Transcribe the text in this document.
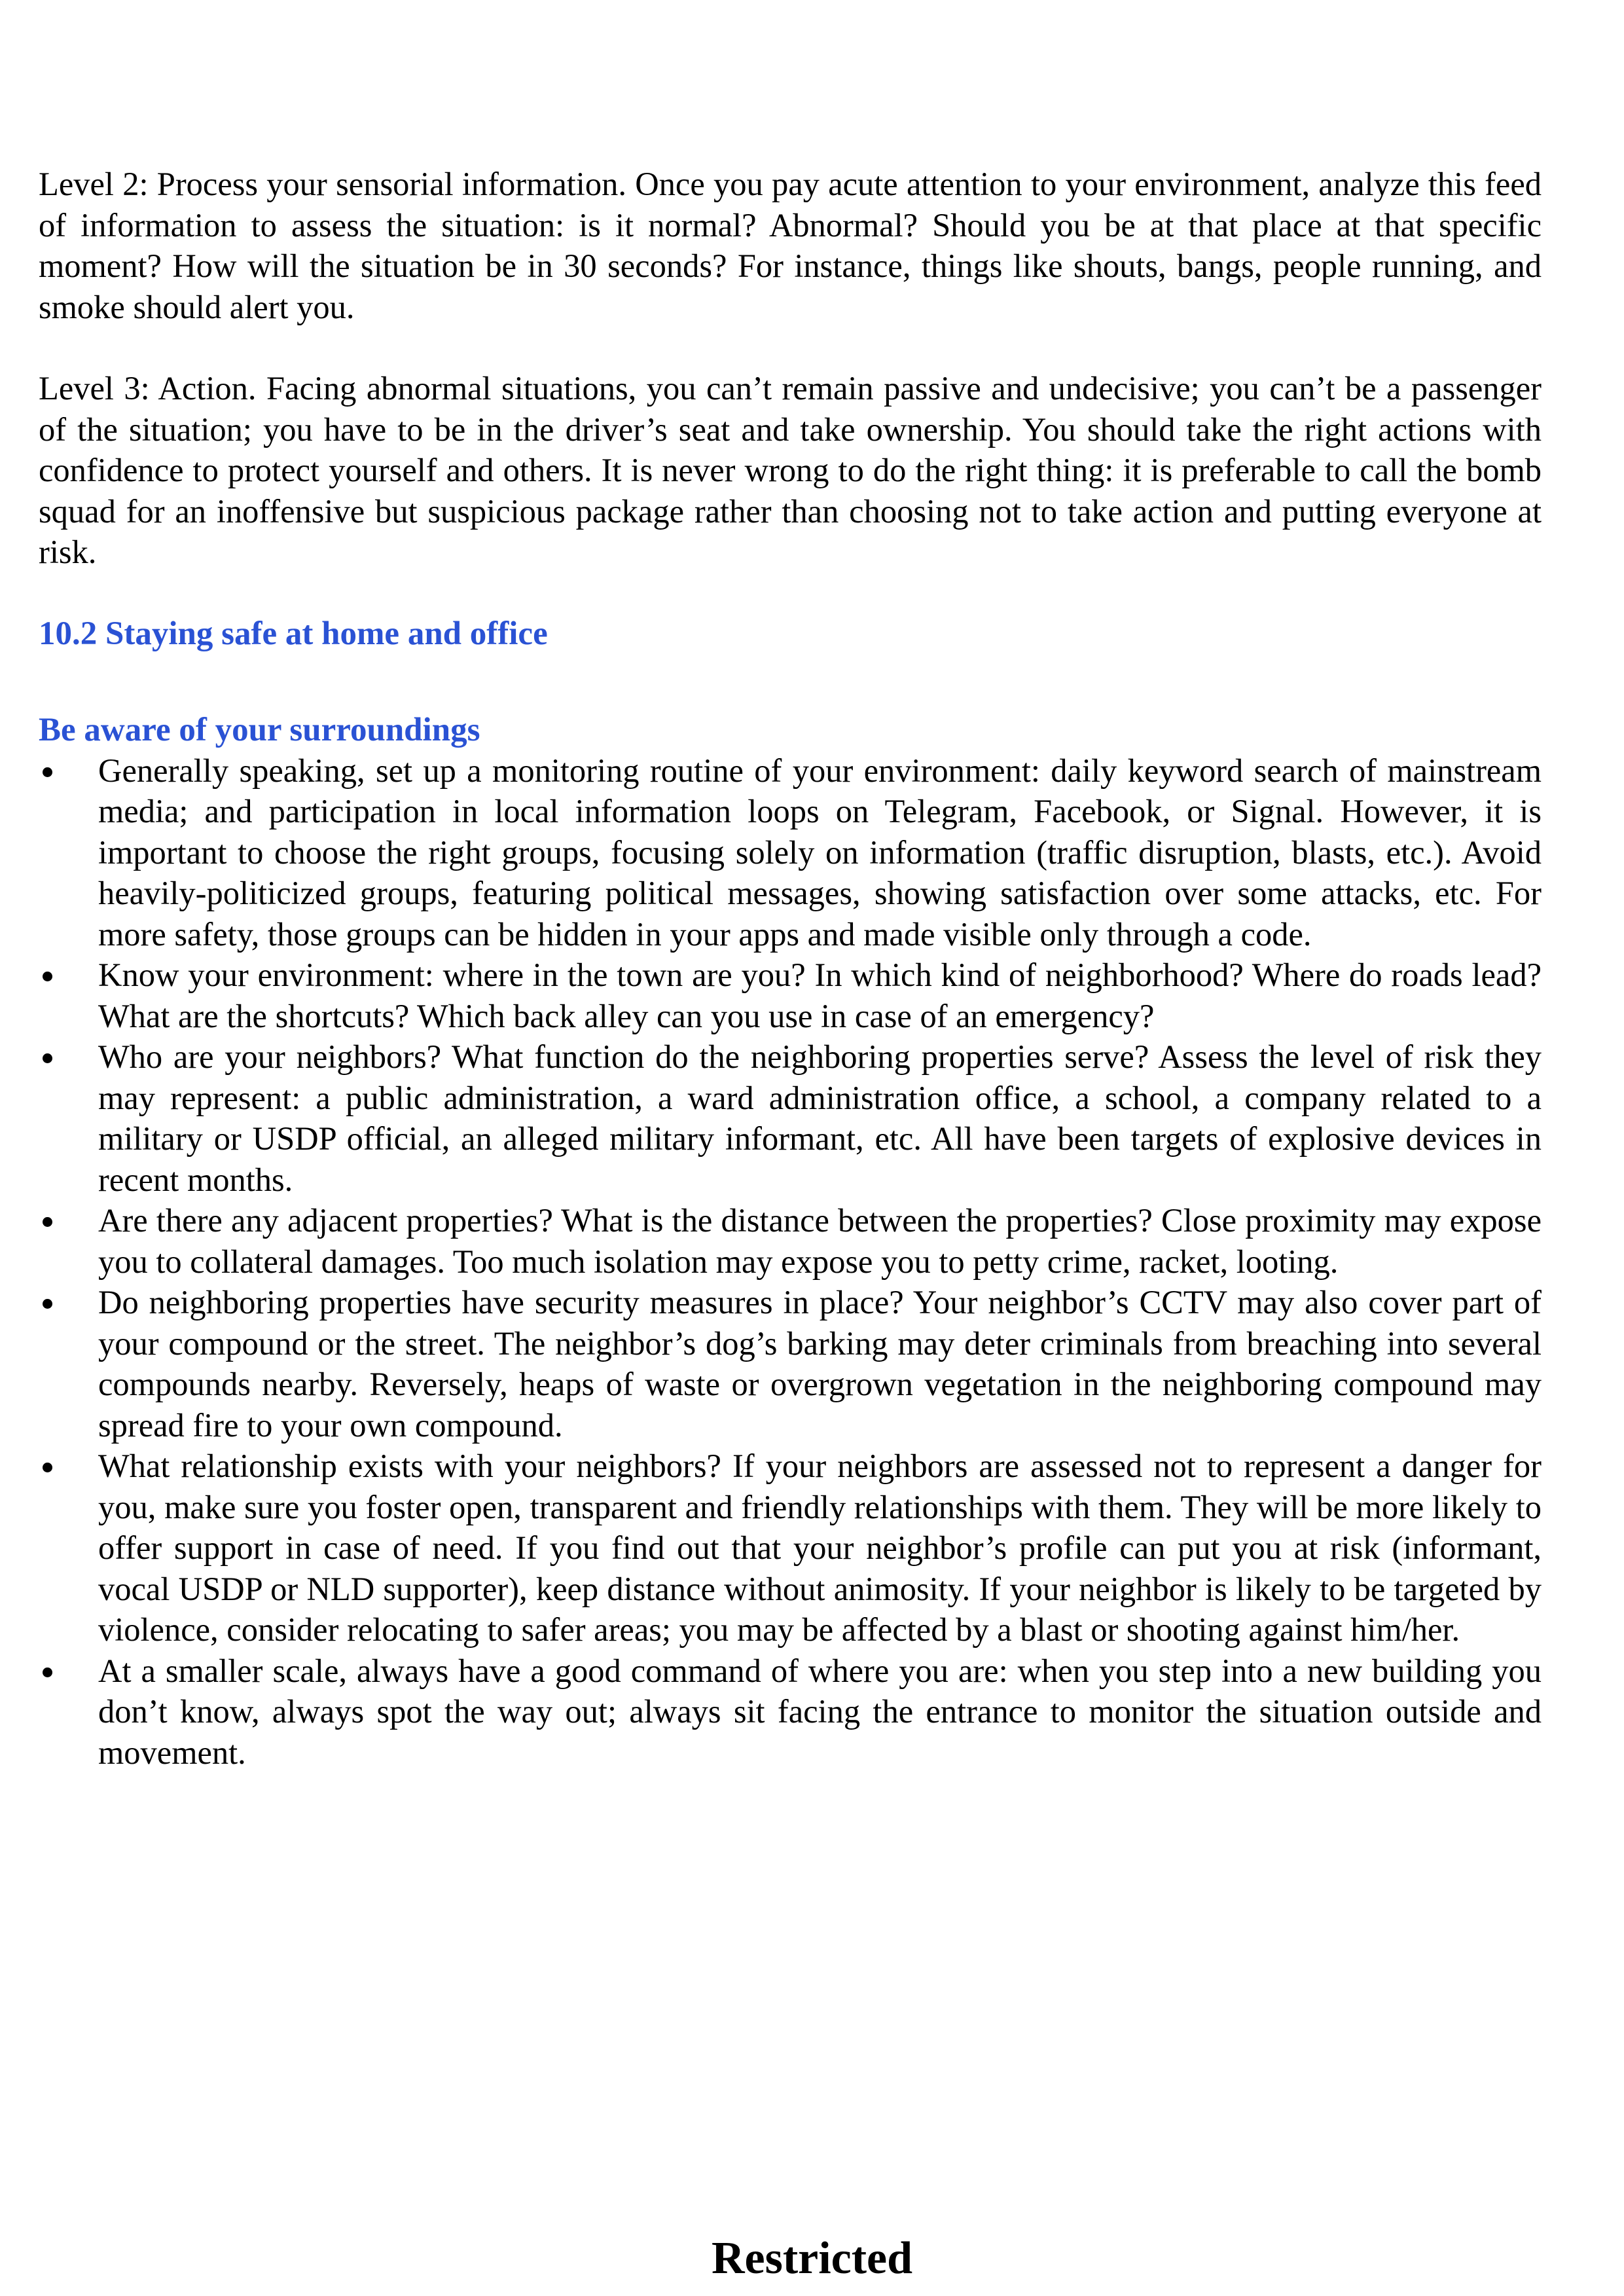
Level 2: Process your sensorial information. Once you pay acute attention to your environment, analyze this feed of information to assess the situation: is it normal? Abnormal? Should you be at that place at that specific moment? How will the situation be in 30 seconds? For instance, things like shouts, bangs, people running, and smoke should alert you.

Level 3: Action. Facing abnormal situations, you can’t remain passive and undecisive; you can’t be a passenger of the situation; you have to be in the driver’s seat and take ownership. You should take the right actions with confidence to protect yourself and others. It is never wrong to do the right thing: it is preferable to call the bomb squad for an inoffensive but suspicious package rather than choosing not to take action and putting everyone at risk.

10.2 Staying safe at home and office
Be aware of your surroundings
Generally speaking, set up a monitoring routine of your environment: daily keyword search of mainstream media; and participation in local information loops on Telegram, Facebook, or Signal. However, it is important to choose the right groups, focusing solely on information (traffic disruption, blasts, etc.). Avoid heavily-politicized groups, featuring political messages, showing satisfaction over some attacks, etc. For more safety, those groups can be hidden in your apps and made visible only through a code.
Know your environment: where in the town are you? In which kind of neighborhood? Where do roads lead? What are the shortcuts? Which back alley can you use in case of an emergency?
Who are your neighbors? What function do the neighboring properties serve? Assess the level of risk they may represent: a public administration, a ward administration office, a school, a company related to a military or USDP official, an alleged military informant, etc. All have been targets of explosive devices in recent months.
Are there any adjacent properties? What is the distance between the properties? Close proximity may expose you to collateral damages. Too much isolation may expose you to petty crime, racket, looting.
Do neighboring properties have security measures in place? Your neighbor’s CCTV may also cover part of your compound or the street. The neighbor’s dog’s barking may deter criminals from breaching into several compounds nearby. Reversely, heaps of waste or overgrown vegetation in the neighboring compound may spread fire to your own compound.
What relationship exists with your neighbors? If your neighbors are assessed not to represent a danger for you, make sure you foster open, transparent and friendly relationships with them. They will be more likely to offer support in case of need. If you find out that your neighbor’s profile can put you at risk (informant, vocal USDP or NLD supporter), keep distance without animosity. If your neighbor is likely to be targeted by violence, consider relocating to safer areas; you may be affected by a blast or shooting against him/her.
At a smaller scale, always have a good command of where you are: when you step into a new building you don’t know, always spot the way out; always sit facing the entrance to monitor the situation outside and movement.
Restricted
